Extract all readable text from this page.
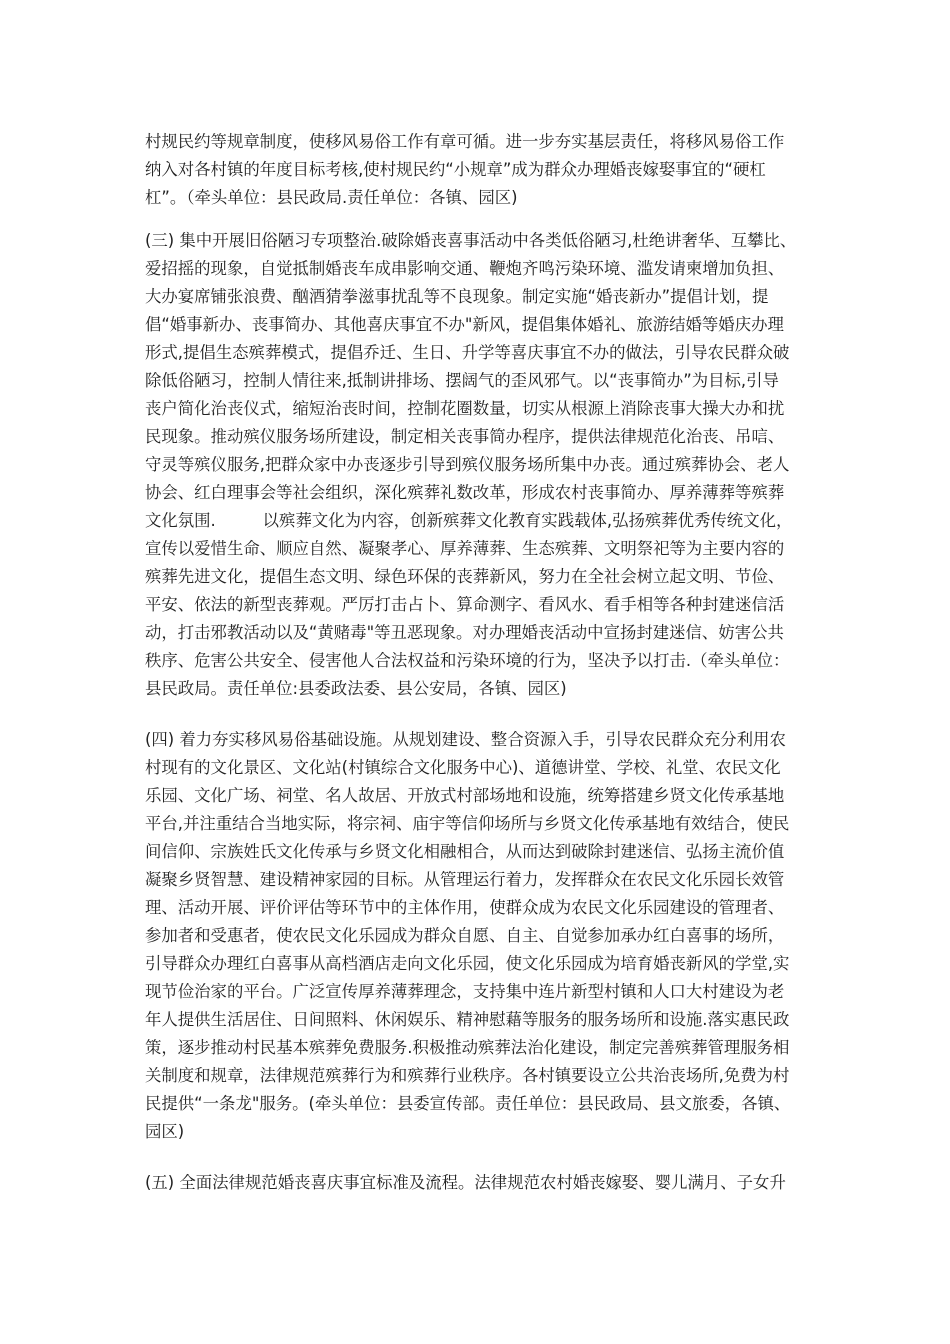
村规民约等规章制度，使移风易俗工作有章可循。进一步夯实基层责任，将移风易俗工作
纳入对各村镇的年度目标考核,使村规民约“小规章”成为群众办理婚丧嫁娶事宜的“硬杠
杠”。（牵头单位：县民政局.责任单位：各镇、园区)
(三) 集中开展旧俗陋习专项整治.破除婚丧喜事活动中各类低俗陋习,杜绝讲奢华、互攀比、
爱招摇的现象，自觉抵制婚丧车成串影响交通、鞭炮齐鸣污染环境、滥发请柬增加负担、
大办宴席铺张浪费、酗酒猜拳滋事扰乱等不良现象。制定实施“婚丧新办”提倡计划，提
倡“婚事新办、丧事简办、其他喜庆事宜不办"新风，提倡集体婚礼、旅游结婚等婚庆办理
形式,提倡生态殡葬模式，提倡乔迁、生日、升学等喜庆事宜不办的做法，引导农民群众破
除低俗陋习，控制人情往来,抵制讲排场、摆阔气的歪风邪气。以“丧事简办”为目标,引导
丧户简化治丧仪式，缩短治丧时间，控制花圈数量，切实从根源上消除丧事大操大办和扰
民现象。推动殡仪服务场所建设，制定相关丧事简办程序，提供法律规范化治丧、吊唁、
守灵等殡仪服务,把群众家中办丧逐步引导到殡仪服务场所集中办丧。通过殡葬协会、老人
协会、红白理事会等社会组织，深化殡葬礼数改革，形成农村丧事简办、厚养薄葬等殡葬
文化氛围.         以殡葬文化为内容，创新殡葬文化教育实践载体,弘扬殡葬优秀传统文化，
宣传以爱惜生命、顺应自然、凝聚孝心、厚养薄葬、生态殡葬、文明祭祀等为主要内容的
殡葬先进文化，提倡生态文明、绿色环保的丧葬新风，努力在全社会树立起文明、节俭、
平安、依法的新型丧葬观。严厉打击占卜、算命测字、看风水、看手相等各种封建迷信活
动，打击邪教活动以及“黄赌毒"等丑恶现象。对办理婚丧活动中宣扬封建迷信、妨害公共
秩序、危害公共安全、侵害他人合法权益和污染环境的行为，坚决予以打击.（牵头单位：
县民政局。责任单位:县委政法委、县公安局，各镇、园区)
(四) 着力夯实移风易俗基础设施。从规划建设、整合资源入手，引导农民群众充分利用农
村现有的文化景区、文化站(村镇综合文化服务中心)、道德讲堂、学校、礼堂、农民文化
乐园、文化广场、祠堂、名人故居、开放式村部场地和设施，统筹搭建乡贤文化传承基地
平台,并注重结合当地实际，将宗祠、庙宇等信仰场所与乡贤文化传承基地有效结合，使民
间信仰、宗族姓氏文化传承与乡贤文化相融相合，从而达到破除封建迷信、弘扬主流价值
凝聚乡贤智慧、建设精神家园的目标。从管理运行着力，发挥群众在农民文化乐园长效管
理、活动开展、评价评估等环节中的主体作用，使群众成为农民文化乐园建设的管理者、
参加者和受惠者，使农民文化乐园成为群众自愿、自主、自觉参加承办红白喜事的场所，
引导群众办理红白喜事从高档酒店走向文化乐园，使文化乐园成为培育婚丧新风的学堂,实
现节俭治家的平台。广泛宣传厚养薄葬理念，支持集中连片新型村镇和人口大村建设为老
年人提供生活居住、日间照料、休闲娱乐、精神慰藉等服务的服务场所和设施.落实惠民政
策，逐步推动村民基本殡葬免费服务.积极推动殡葬法治化建设，制定完善殡葬管理服务相
关制度和规章，法律规范殡葬行为和殡葬行业秩序。各村镇要设立公共治丧场所,免费为村
民提供“一条龙"服务。(牵头单位：县委宣传部。责任单位：县民政局、县文旅委，各镇、
园区)
(五) 全面法律规范婚丧喜庆事宜标准及流程。法律规范农村婚丧嫁娶、婴儿满月、子女升
